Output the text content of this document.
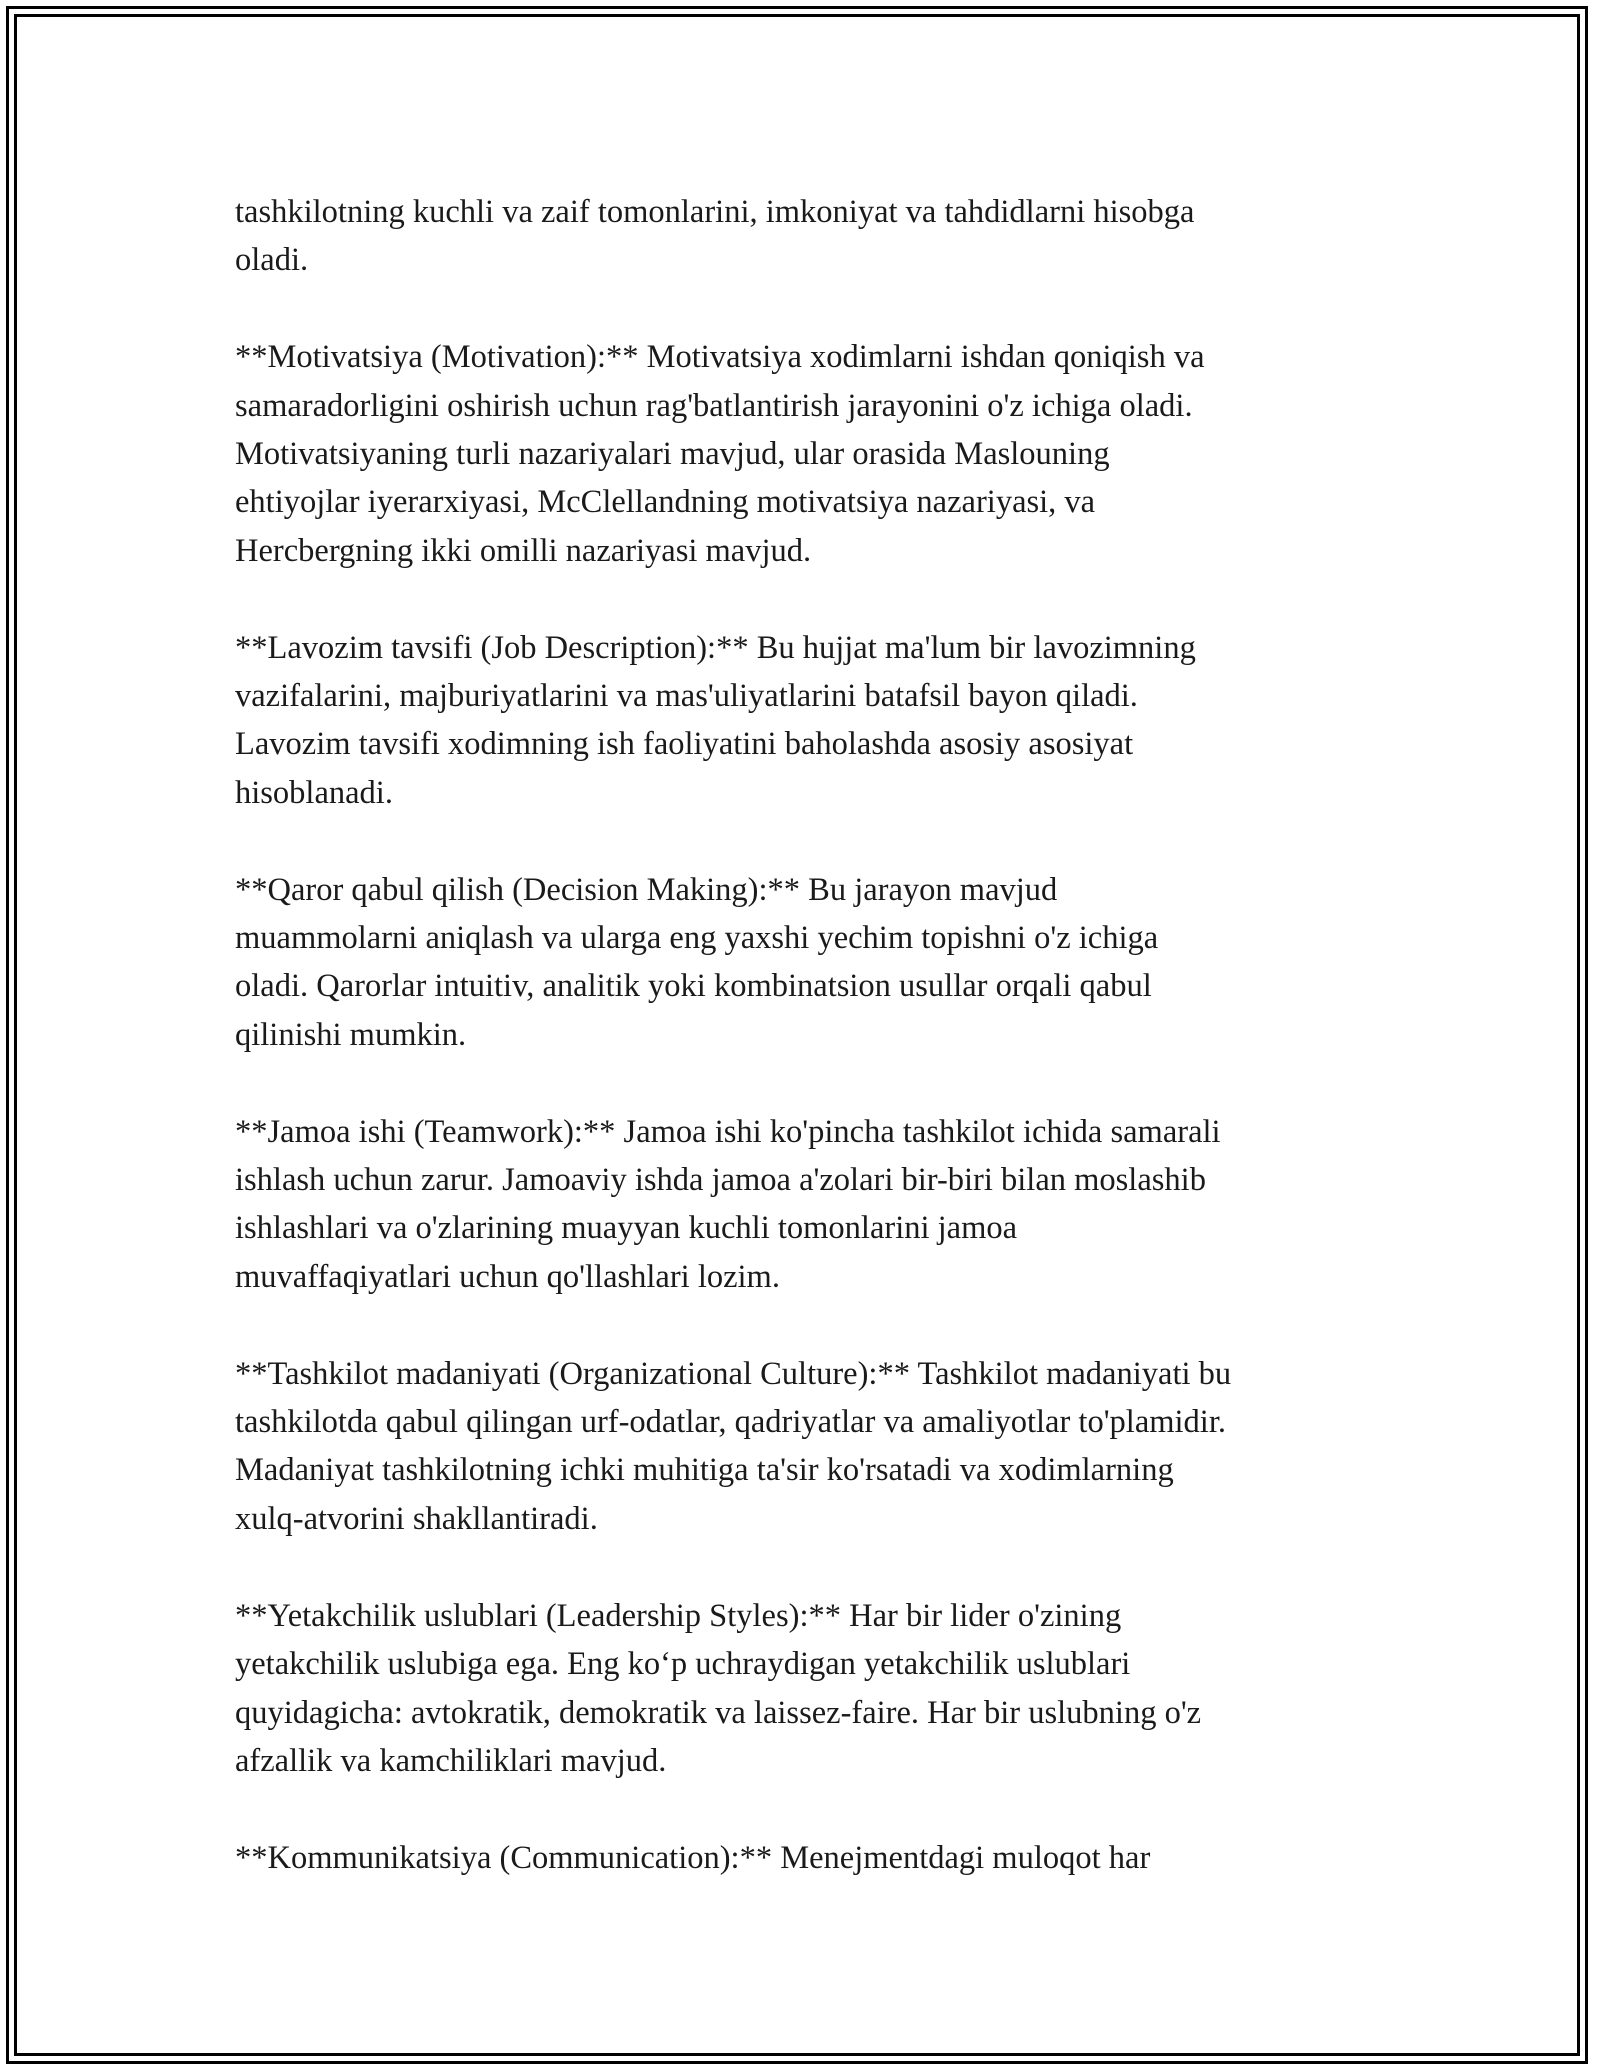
tashkilotning kuchli va zaif tomonlarini, imkoniyat va tahdidlarni hisobga
oladi.

**Motivatsiya (Motivation):** Motivatsiya xodimlarni ishdan qoniqish va
samaradorligini oshirish uchun rag'batlantirish jarayonini o'z ichiga oladi.
Motivatsiyaning turli nazariyalari mavjud, ular orasida Maslouning
ehtiyojlar iyerarxiyasi, McClellandning motivatsiya nazariyasi, va
Hercbergning ikki omilli nazariyasi mavjud.

**Lavozim tavsifi (Job Description):** Bu hujjat ma'lum bir lavozimning
vazifalarini, majburiyatlarini va mas'uliyatlarini batafsil bayon qiladi.
Lavozim tavsifi xodimning ish faoliyatini baholashda asosiy asosiyat
hisoblanadi.

**Qaror qabul qilish (Decision Making):** Bu jarayon mavjud
muammolarni aniqlash va ularga eng yaxshi yechim topishni o'z ichiga
oladi. Qarorlar intuitiv, analitik yoki kombinatsion usullar orqali qabul
qilinishi mumkin.

**Jamoa ishi (Teamwork):** Jamoa ishi ko'pincha tashkilot ichida samarali
ishlash uchun zarur. Jamoaviy ishda jamoa a'zolari bir-biri bilan moslashib
ishlashlari va o'zlarining muayyan kuchli tomonlarini jamoa
muvaffaqiyatlari uchun qo'llashlari lozim.

**Tashkilot madaniyati (Organizational Culture):** Tashkilot madaniyati bu
tashkilotda qabul qilingan urf-odatlar, qadriyatlar va amaliyotlar to'plamidir.
Madaniyat tashkilotning ichki muhitiga ta'sir ko'rsatadi va xodimlarning
xulq-atvorini shakllantiradi.

**Yetakchilik uslublari (Leadership Styles):** Har bir lider o'zining
yetakchilik uslubiga ega. Eng ko‘p uchraydigan yetakchilik uslublari
quyidagicha: avtokratik, demokratik va laissez-faire. Har bir uslubning o'z
afzallik va kamchiliklari mavjud.

**Kommunikatsiya (Communication):** Menejmentdagi muloqot har
